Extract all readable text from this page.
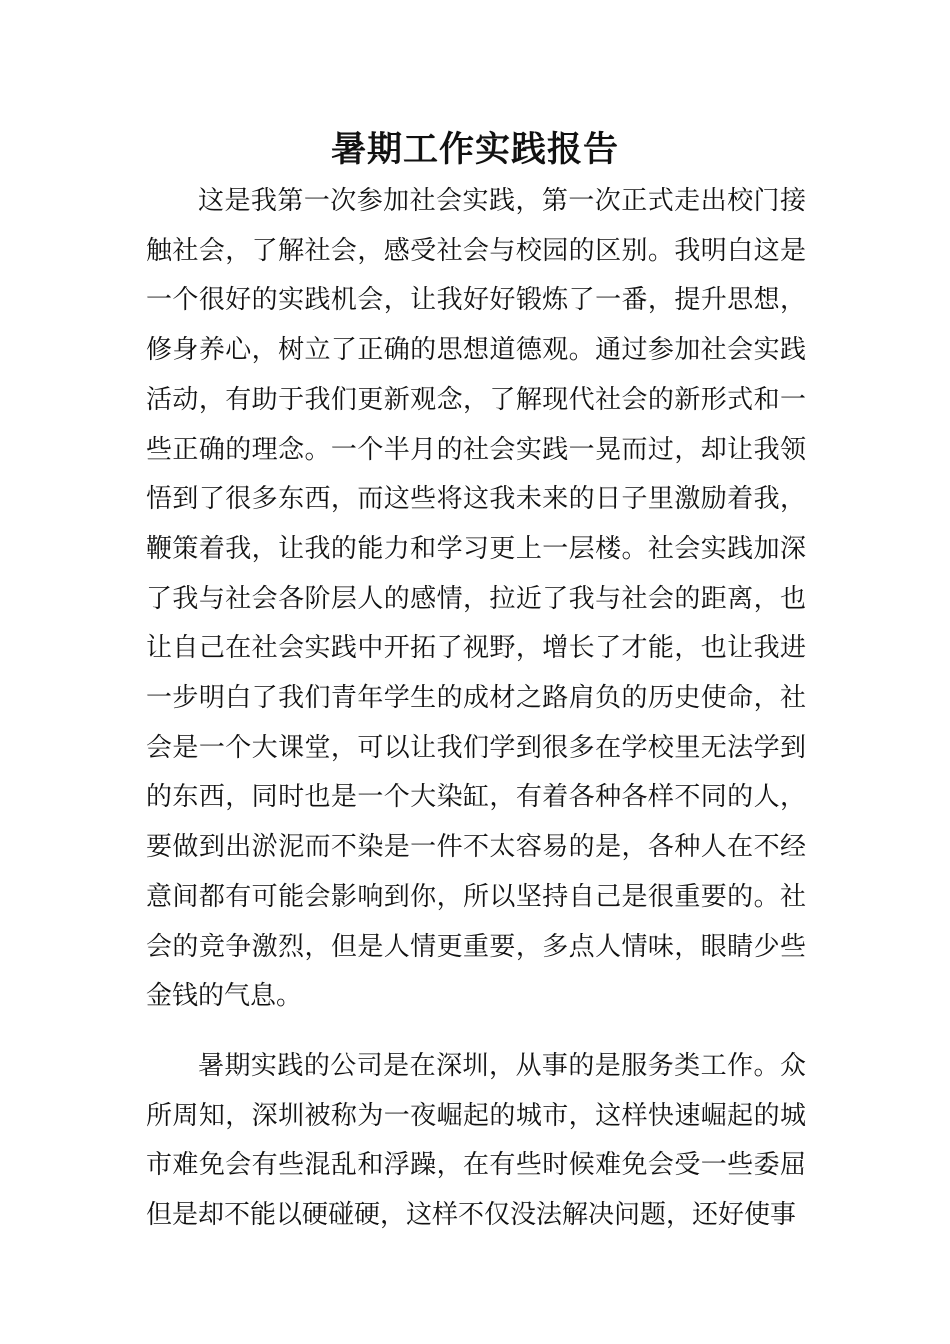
暑期工作实践报告

这是我第一次参加社会实践，第一次正式走出校门接触社会，了解社会，感受社会与校园的区别。我明白这是一个很好的实践机会，让我好好锻炼了一番，提升思想，修身养心，树立了正确的思想道德观。通过参加社会实践活动，有助于我们更新观念，了解现代社会的新形式和一些正确的理念。一个半月的社会实践一晃而过，却让我领悟到了很多东西，而这些将这我未来的日子里激励着我，鞭策着我，让我的能力和学习更上一层楼。社会实践加深了我与社会各阶层人的感情，拉近了我与社会的距离，也让自己在社会实践中开拓了视野，增长了才能，也让我进一步明白了我们青年学生的成材之路肩负的历史使命，社会是一个大课堂，可以让我们学到很多在学校里无法学到的东西，同时也是一个大染缸，有着各种各样不同的人，要做到出淤泥而不染是一件不太容易的是，各种人在不经意间都有可能会影响到你，所以坚持自己是很重要的。社会的竞争激烈，但是人情更重要，多点人情味，眼睛少些金钱的气息。

暑期实践的公司是在深圳，从事的是服务类工作。众所周知，深圳被称为一夜崛起的城市，这样快速崛起的城市难免会有些混乱和浮躁，在有些时候难免会受一些委屈但是却不能以硬碰硬，这样不仅没法解决问题，还好使事
